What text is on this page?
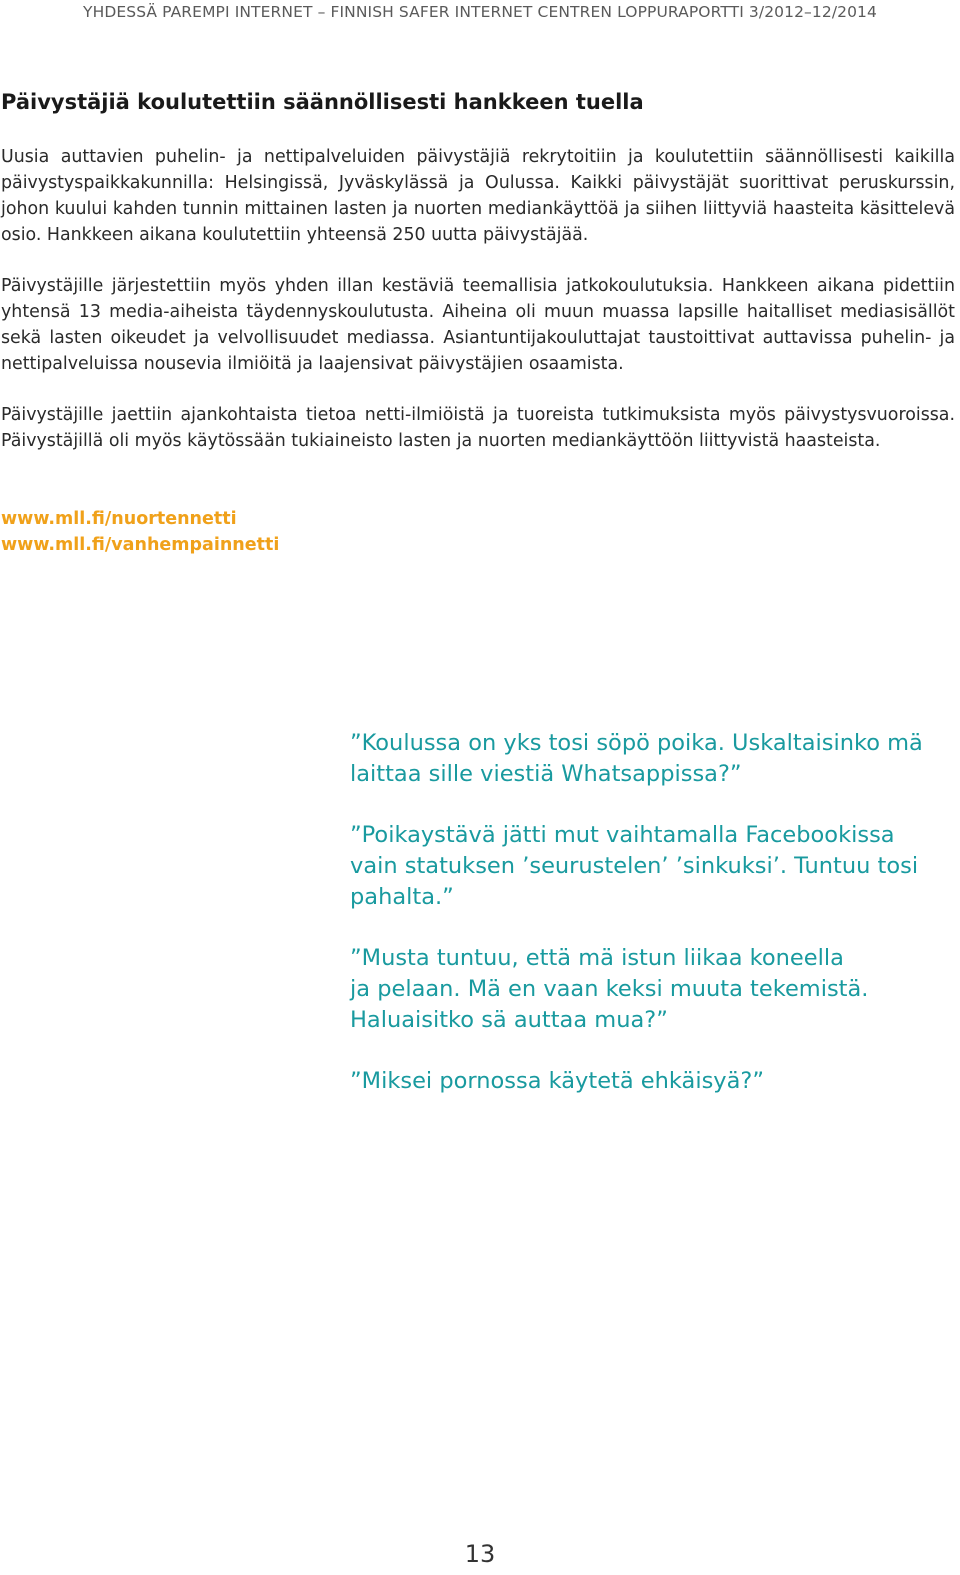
YHDESSÄ PAREMPI INTERNET – FINNISH SAFER INTERNET CENTREN LOPPURAPORTTI 3/2012–12/2014
Päivystäjiä koulutettiin säännöllisesti hankkeen tuella

Uusia auttavien puhelin- ja nettipalveluiden päivystäjiä rekrytoitiin ja koulutettiin säännöllisesti kaikilla päivystyspaikkakunnilla: Helsingissä, Jyväskylässä ja Oulussa. Kaikki päivystäjät suorittivat peruskurssin, johon kuului kahden tunnin mittainen lasten ja nuorten mediankäyttöä ja siihen liittyviä haasteita käsittelevä osio. Hankkeen aikana koulutettiin yhteensä 250 uutta päivystäjää.

Päivystäjille järjestettiin myös yhden illan kestäviä teemallisia jatkokoulutuksia. Hankkeen aikana pidettiin yhtensä 13 media-aiheista täydennyskoulutusta. Aiheina oli muun muassa lapsille haitalliset mediasisällöt sekä lasten oikeudet ja velvollisuudet mediassa. Asiantuntijakouluttajat taustoittivat auttavissa puhelin- ja nettipalveluissa nousevia ilmiöitä ja laajensivat päivystäjien osaamista.

Päivystäjille jaettiin ajankohtaista tietoa netti-ilmiöistä ja tuoreista tutkimuksista myös päivystysvuoroissa. Päivystäjillä oli myös käytössään tukiaineisto lasten ja nuorten mediankäyttöön liittyvistä haasteista.

www.mll.fi/nuortennetti
www.mll.fi/vanhempainnetti

”Koulussa on yks tosi söpö poika. Uskaltaisinko mä
laittaa sille viestiä Whatsappissa?”

”Poikaystävä jätti mut vaihtamalla Facebookissa
vain statuksen ’seurustelen’ ’sinkuksi’. Tuntuu tosi
pahalta.”

”Musta tuntuu, että mä istun liikaa koneella
ja pelaan. Mä en vaan keksi muuta tekemistä.
Haluaisitko sä auttaa mua?”

”Miksei pornossa käytetä ehkäisyä?”

13
